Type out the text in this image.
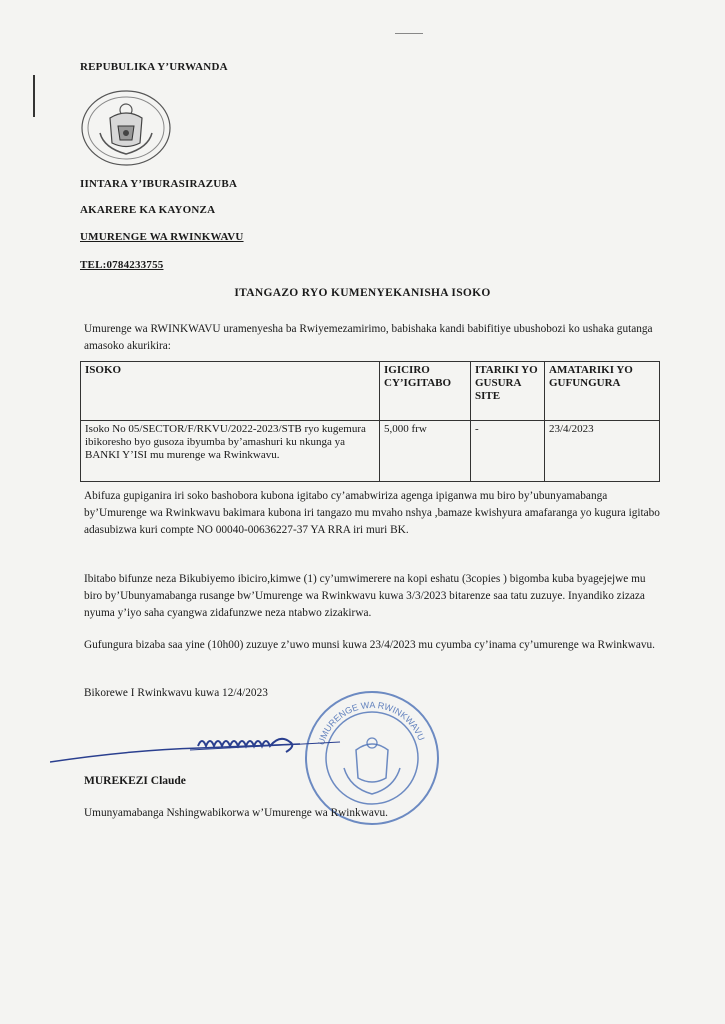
REPUBULIKA Y’URWANDA
IINTARA Y’IBURASIRAZUBA
AKARERE KA KAYONZA
UMURENGE WA RWINKWAVU
TEL:0784233755
ITANGAZO RYO KUMENYEKANISHA ISOKO
Umurenge wa RWINKWAVU uramenyesha ba Rwiyemezamirimo, babishaka kandi babifitiye ubushobozi ko ushaka gutanga amasoko akurikira:
ISOKO	IGICIRO CY’IGITABO	ITARIKI YO GUSURA SITE	AMATARIKI YO GUFUNGURA
Isoko No 05/SECTOR/F/RKVU/2022-2023/STB ryo kugemura ibikoresho byo gusoza ibyumba by’amashuri ku nkunga ya BANKI Y’ISI mu murenge wa Rwinkwavu.	5,000 frw	-	23/4/2023
Abifuza gupiganira iri soko bashobora kubona igitabo cy’amabwiriza agenga ipiganwa mu biro by’ubunyamabanga by’Umurenge wa Rwinkwavu bakimara kubona iri tangazo mu mvaho nshya ,bamaze kwishyura amafaranga yo kugura igitabo adasubizwa kuri compte NO 00040-00636227-37 YA RRA iri muri BK.
Ibitabo bifunze neza Bikubiyemo ibiciro,kimwe (1) cy’umwimerere na kopi eshatu (3copies ) bigomba kuba byagejejwe mu biro by’Ubunyamabanga rusange bw’Umurenge wa Rwinkwavu kuwa 3/3/2023 bitarenze saa tatu zuzuye. Inyandiko zizaza nyuma y’iyo saha cyangwa zidafunzwe neza ntabwo zizakirwa.
Gufungura bizaba saa yine (10h00) zuzuye z’uwo munsi kuwa 23/4/2023 mu cyumba cy’inama cy’umurenge wa Rwinkwavu.
Bikorewe I Rwinkwavu kuwa 12/4/2023
UMURENGE WA RWINKWAVU
MUREKEZI Claude
Umunyamabanga Nshingwabikorwa w’Umurenge wa Rwinkwavu.
